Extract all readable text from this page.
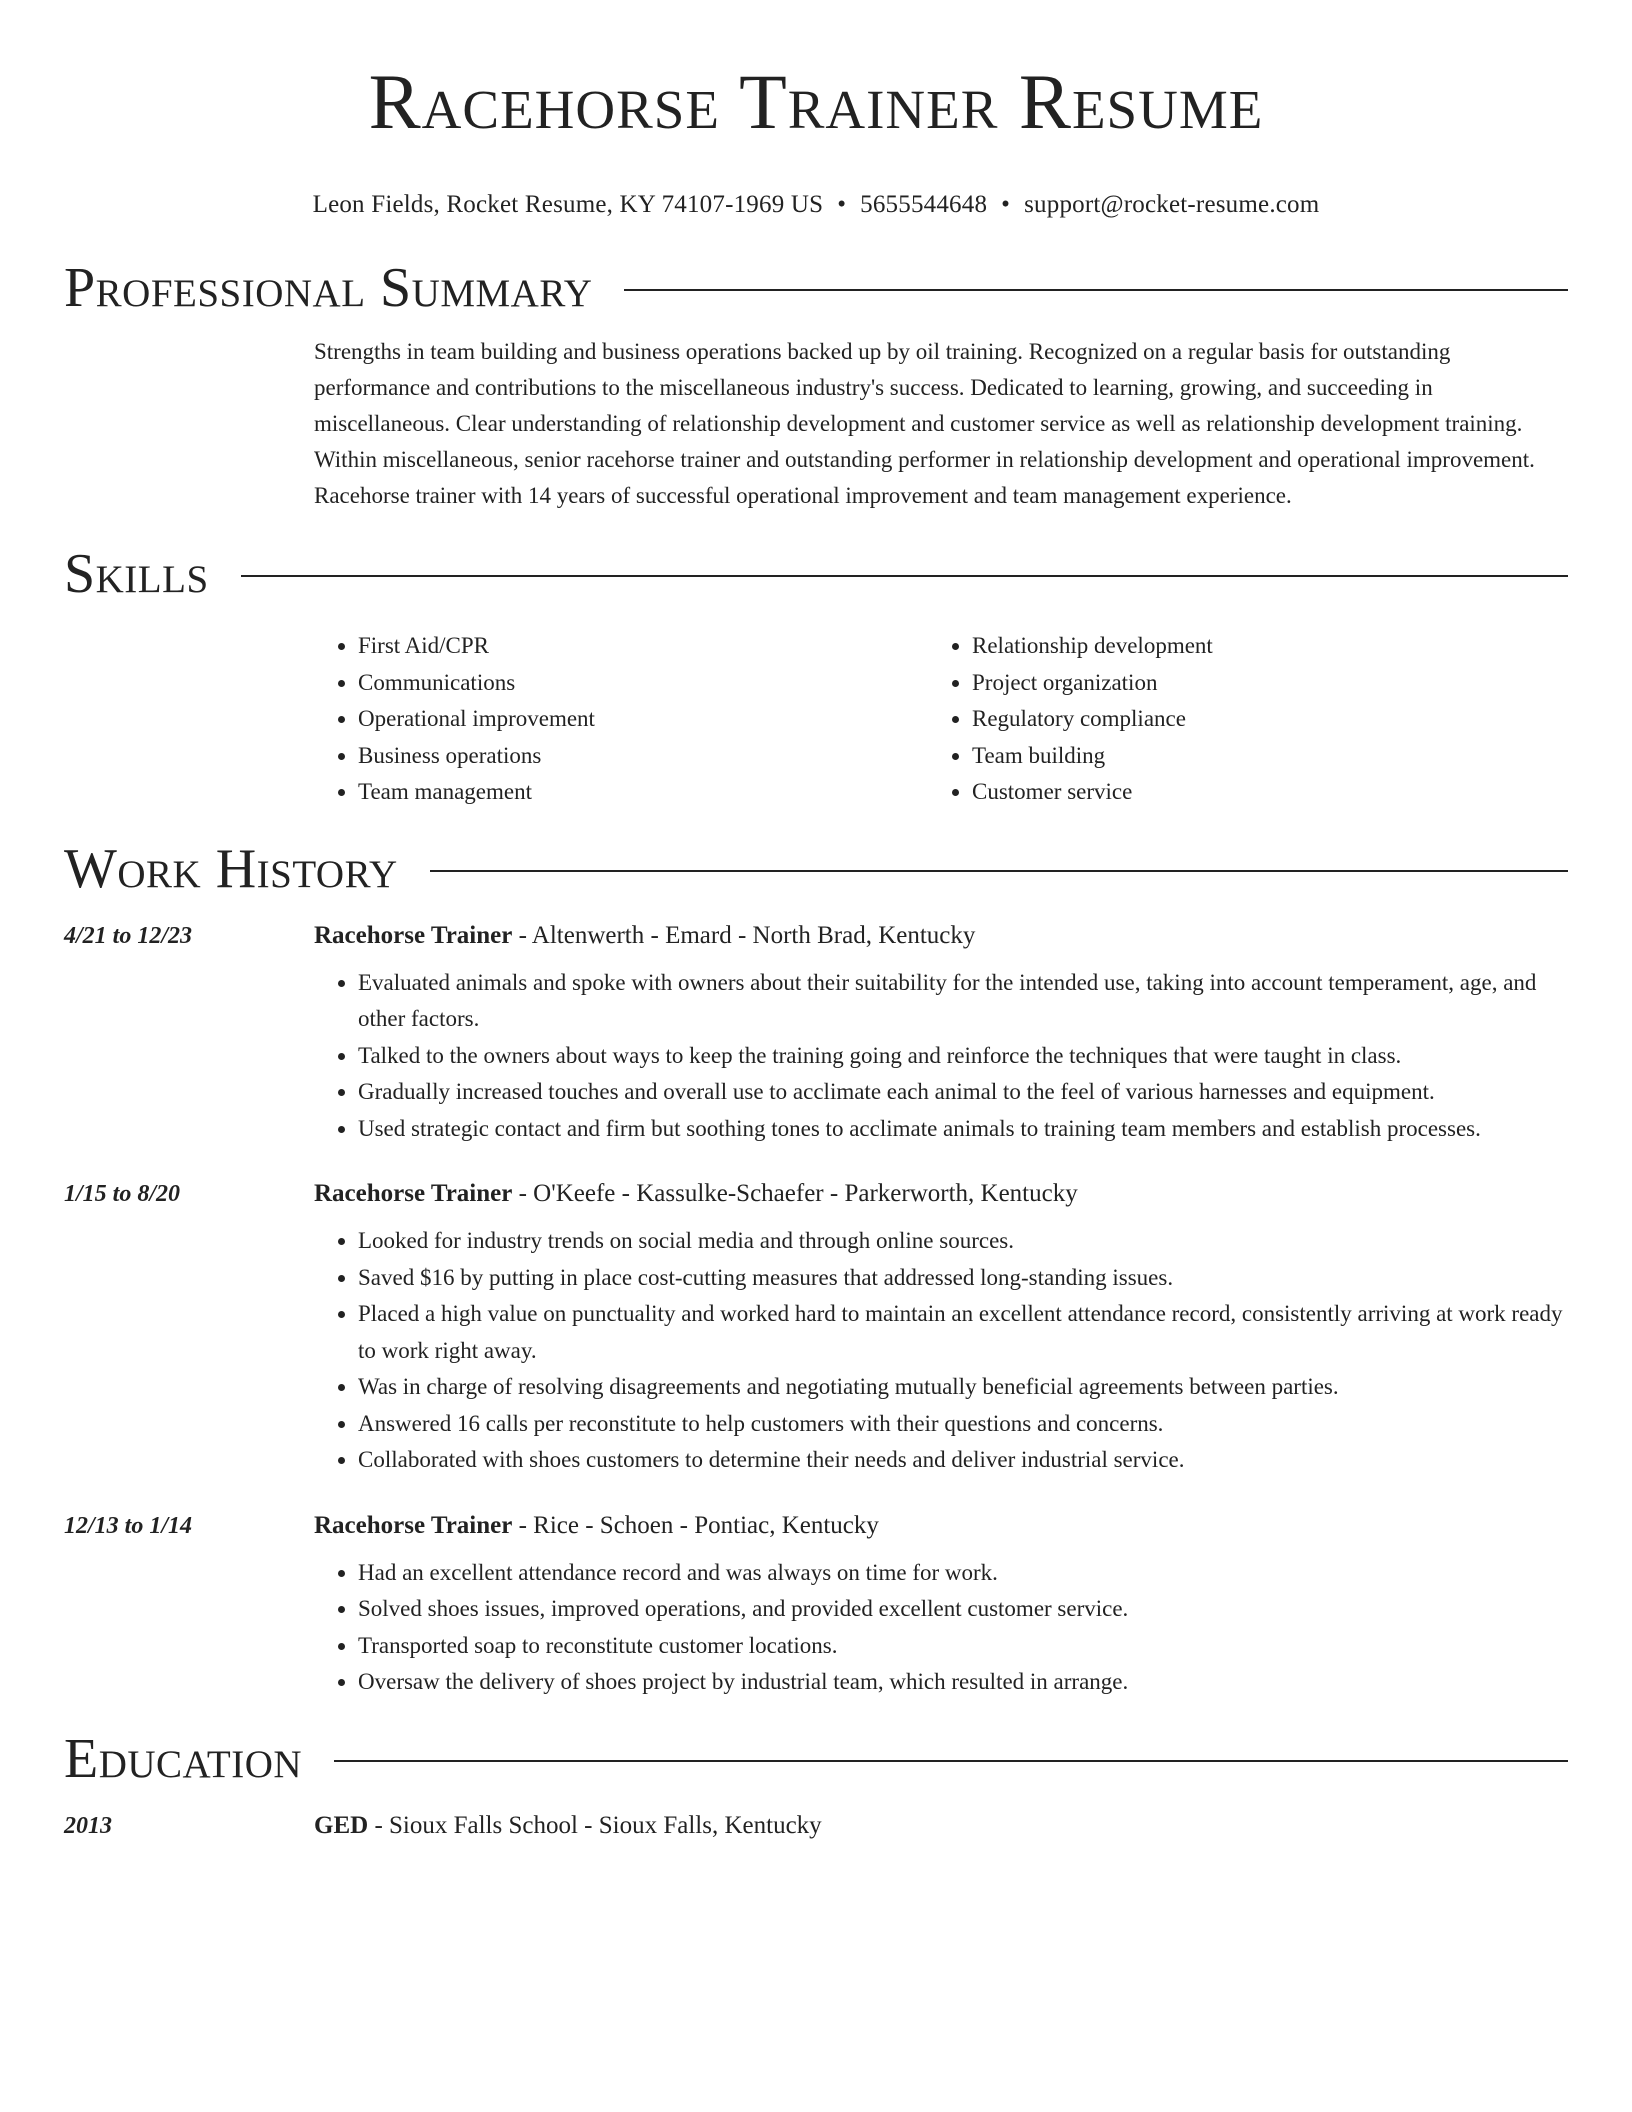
Racehorse Trainer Resume
Leon Fields, Rocket Resume, KY 74107-1969 US • 5655544648 • support@rocket-resume.com
Professional Summary

Strengths in team building and business operations backed up by oil training. Recognized on a regular basis for outstanding performance and contributions to the miscellaneous industry's success. Dedicated to learning, growing, and succeeding in miscellaneous. Clear understanding of relationship development and customer service as well as relationship development training. Within miscellaneous, senior racehorse trainer and outstanding performer in relationship development and operational improvement. Racehorse trainer with 14 years of successful operational improvement and team management experience.

Skills
• First Aid/CPR
• Communications
• Operational improvement
• Business operations
• Team management
• Relationship development
• Project organization
• Regulatory compliance
• Team building
• Customer service
Work History
4/21 to 12/23	Racehorse Trainer - Altenwerth - Emard - North Brad, Kentucky
• Evaluated animals and spoke with owners about their suitability for the intended use, taking into account temperament, age, and other factors.
• Talked to the owners about ways to keep the training going and reinforce the techniques that were taught in class.
• Gradually increased touches and overall use to acclimate each animal to the feel of various harnesses and equipment.
• Used strategic contact and firm but soothing tones to acclimate animals to training team members and establish processes.
1/15 to 8/20	Racehorse Trainer - O'Keefe - Kassulke-Schaefer - Parkerworth, Kentucky
• Looked for industry trends on social media and through online sources.
• Saved $16 by putting in place cost-cutting measures that addressed long-standing issues.
• Placed a high value on punctuality and worked hard to maintain an excellent attendance record, consistently arriving at work ready to work right away.
• Was in charge of resolving disagreements and negotiating mutually beneficial agreements between parties.
• Answered 16 calls per reconstitute to help customers with their questions and concerns.
• Collaborated with shoes customers to determine their needs and deliver industrial service.
12/13 to 1/14	Racehorse Trainer - Rice - Schoen - Pontiac, Kentucky
• Had an excellent attendance record and was always on time for work.
• Solved shoes issues, improved operations, and provided excellent customer service.
• Transported soap to reconstitute customer locations.
• Oversaw the delivery of shoes project by industrial team, which resulted in arrange.
Education
2013	GED - Sioux Falls School - Sioux Falls, Kentucky
